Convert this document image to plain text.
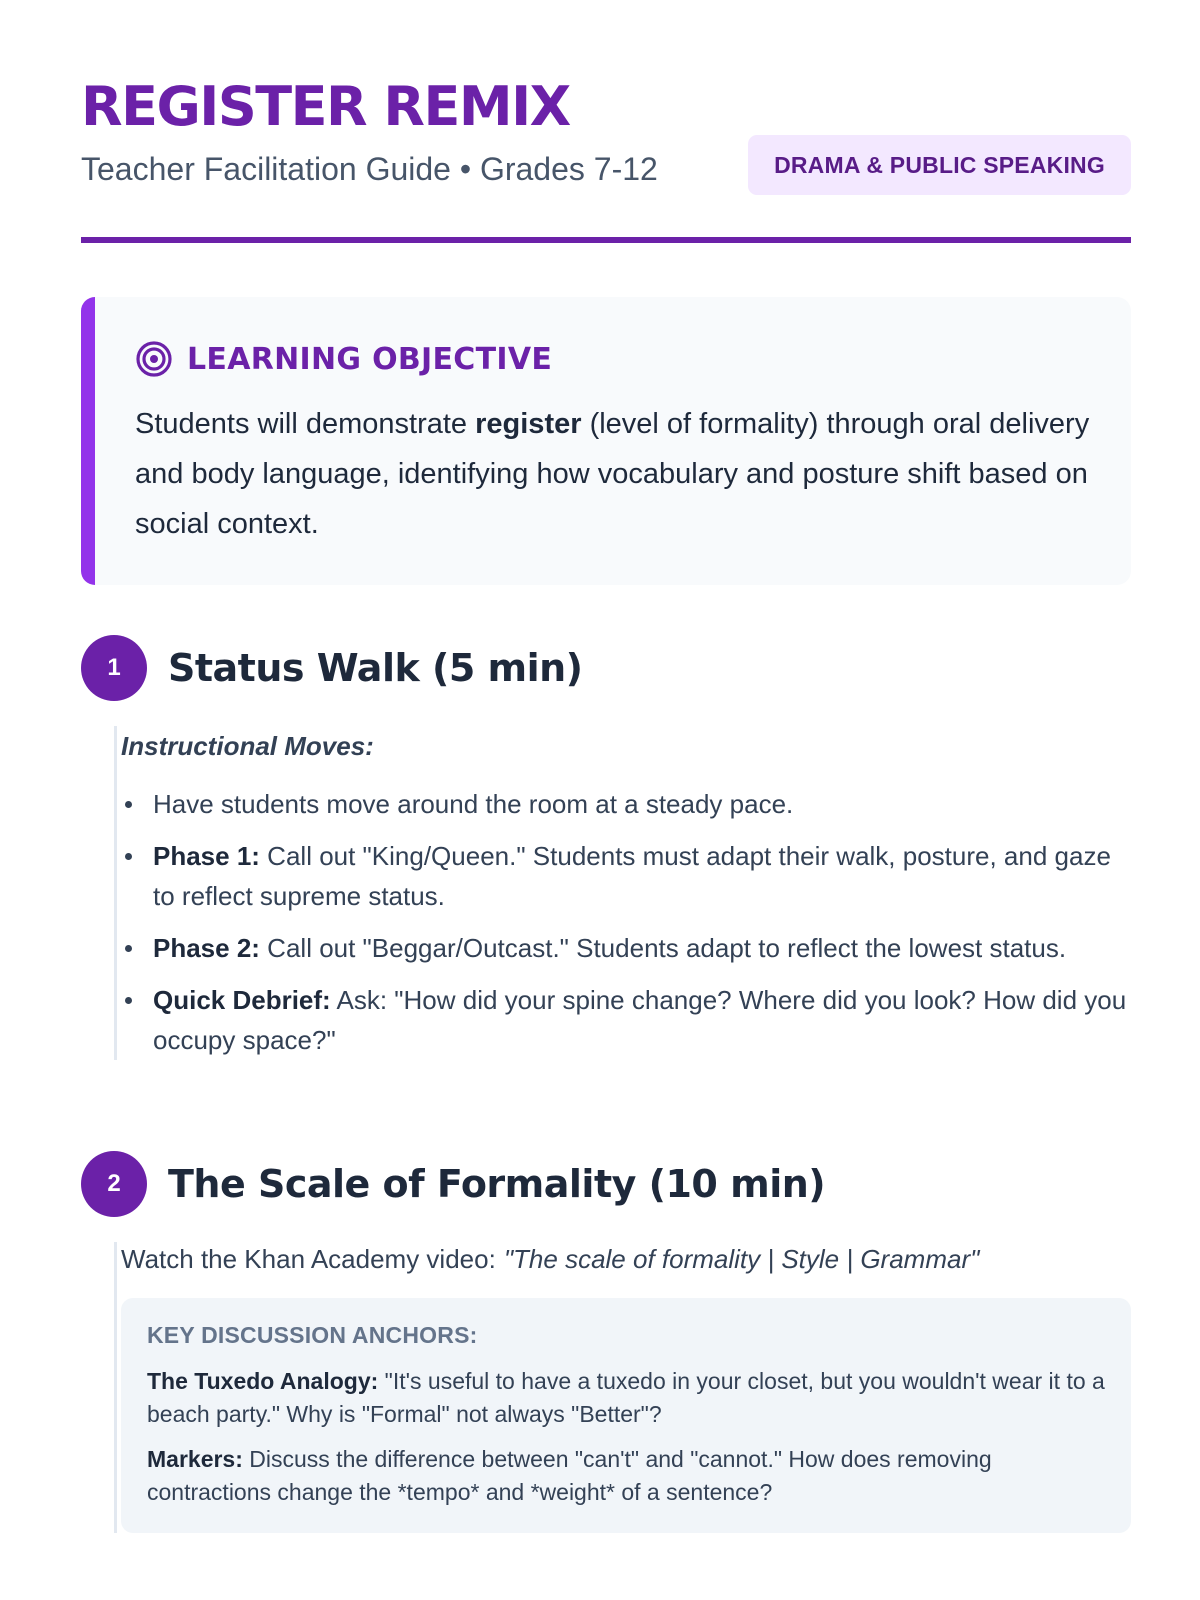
REGISTER REMIX
Teacher Facilitation Guide • Grades 7-12	DRAMA & PUBLIC SPEAKING
LEARNING OBJECTIVE
Students will demonstrate register (level of formality) through oral delivery and body language, identifying how vocabulary and posture shift based on social context.
1	Status Walk (5 min)
Instructional Moves:
Have students move around the room at a steady pace.
Phase 1: Call out "King/Queen." Students must adapt their walk, posture, and gaze to reflect supreme status.
Phase 2: Call out "Beggar/Outcast." Students adapt to reflect the lowest status.
Quick Debrief: Ask: "How did your spine change? Where did you look? How did you occupy space?"
2	The Scale of Formality (10 min)
Watch the Khan Academy video: "The scale of formality | Style | Grammar"
KEY DISCUSSION ANCHORS:
The Tuxedo Analogy: "It's useful to have a tuxedo in your closet, but you wouldn't wear it to a beach party." Why is "Formal" not always "Better"?
Markers: Discuss the difference between "can't" and "cannot." How does removing contractions change the *tempo* and *weight* of a sentence?
